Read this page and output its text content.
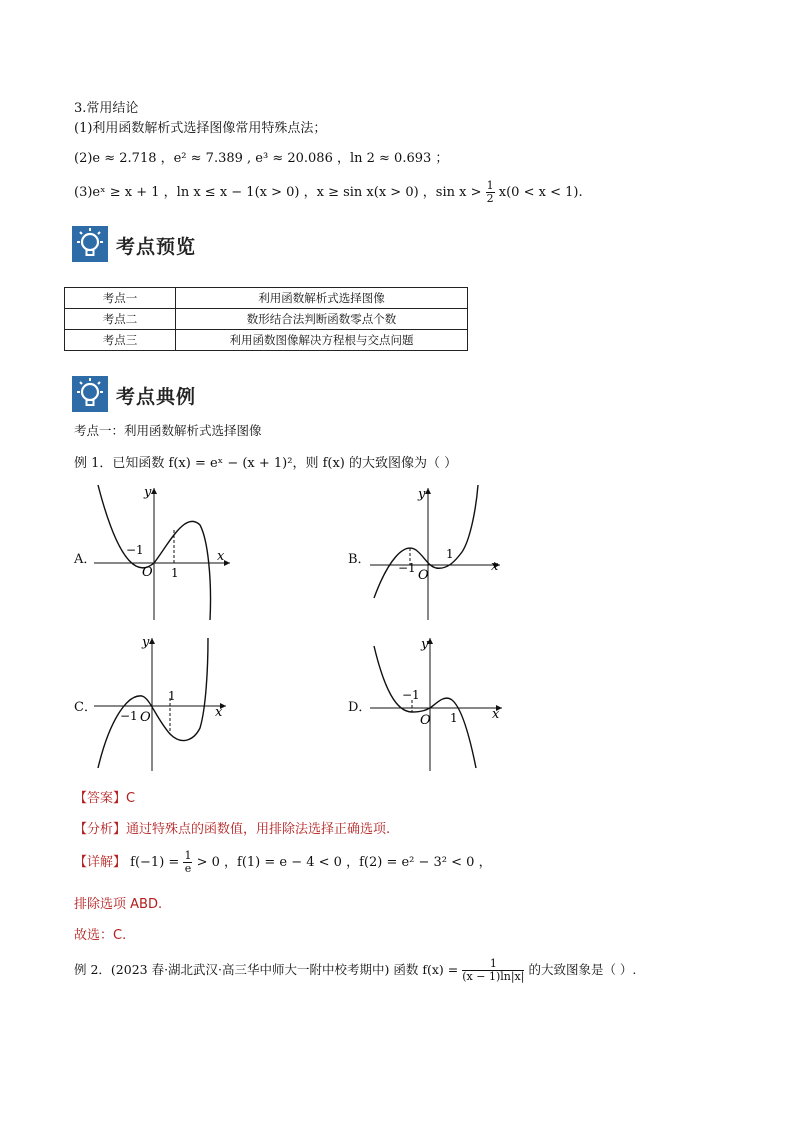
3.常用结论
(1)利用函数解析式选择图像常用特殊点法；
(2)e ≈ 2.718 ，e² ≈ 7.389 , e³ ≈ 20.086 ，ln 2 ≈ 0.693 ；
(3)eˣ ≥ x + 1 ，ln x ≤ x − 1(x > 0) ，x ≥ sin x(x > 0) ，$\sin x > \frac{1}{2} x(0 < x < 1)$.
考点预览
考点一	利用函数解析式选择图像
考点二	数形结合法判断函数零点个数
考点三	利用函数图像解决方程根与交点问题
考点典例
考点一：利用函数解析式选择图像
例 1．已知函数 f(x) = eˣ − (x + 1)²，则 f(x) 的大致图像为（ ）
A．
−1
1
O
x
y
B．
−1
1
O
x
y
C．
−1
1
O	x
y
D．
−1
1
O	x
y
【答案】C
【分析】通过特殊点的函数值，用排除法选择正确选项.
【详解】 $f(-1) = \frac{1}{e} > 0$ ，f(1) = e − 4 < 0 ，f(2) = e² − 3² < 0 ，
排除选项 ABD.
故选：C.
例 2．(2023 春·湖北武汉·高三华中师大一附中校考期中) 函数 $f(x) = \frac{1}{(x - 1)\ln|x|}$ 的大致图象是（ ）.
